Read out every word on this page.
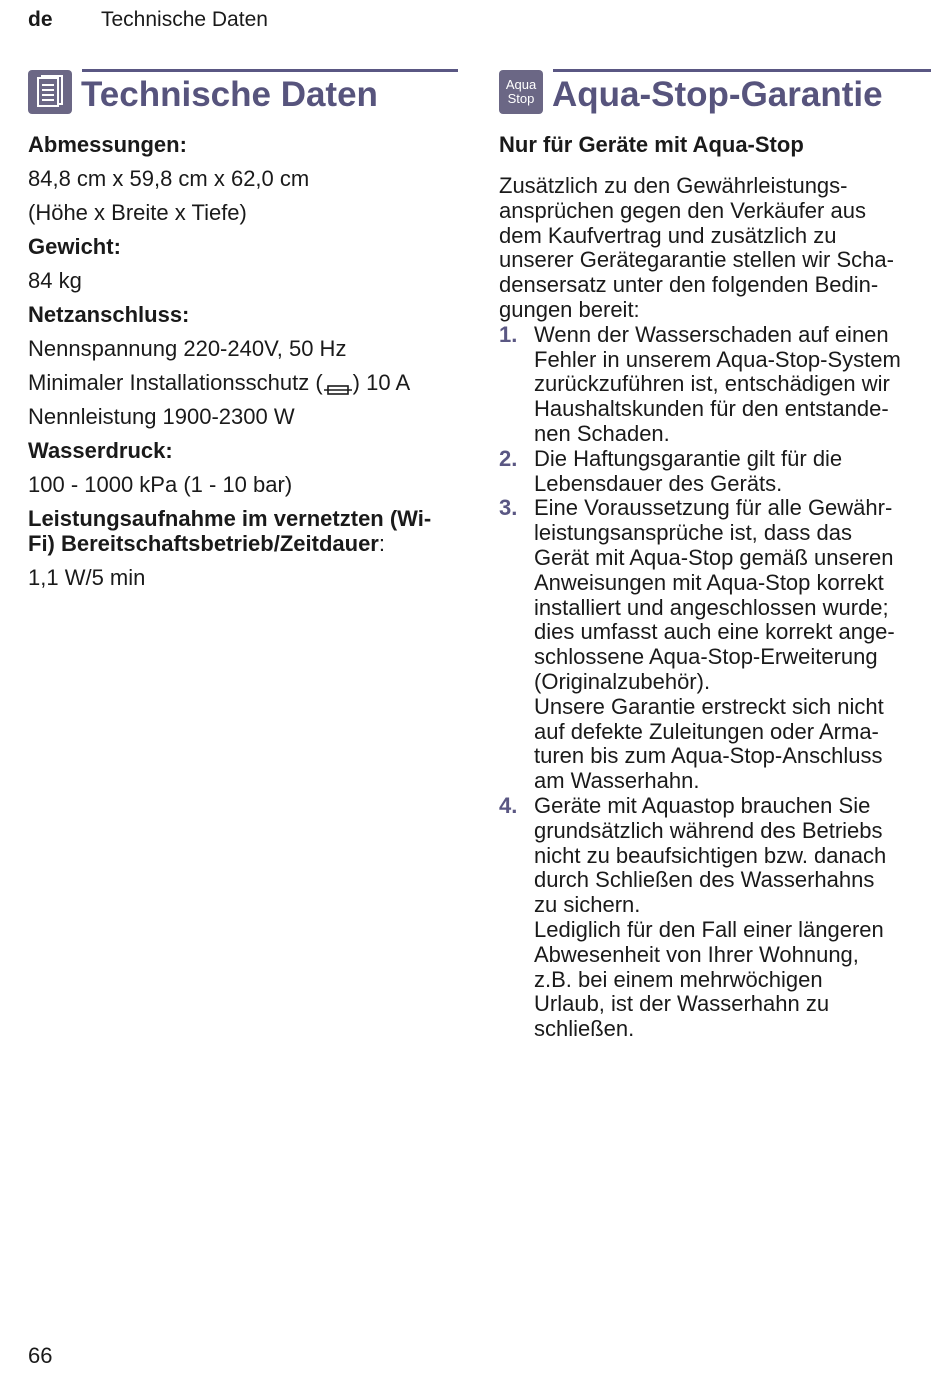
de Technische Daten
Technische Daten
Abmessungen:
84,8 cm x 59,8 cm x 62,0 cm
(Höhe x Breite x Tiefe)
Gewicht:
84 kg
Netzanschluss:
Nennspannung 220-240V, 50 Hz
Minimaler Installationsschutz ( ) 10 A
Nennleistung 1900-2300 W
Wasserdruck:
100 - 1000 kPa (1 - 10 bar)
Leistungsaufnahme im vernetzten (Wi-
Fi) Bereitschaftsbetrieb/Zeitdauer:
1,1 W/5 min
Aqua
Stop Aqua-Stop-Garantie
Nur für Geräte mit Aqua-Stop

Zusätzlich zu den Gewährleistungs-
ansprüchen gegen den Verkäufer aus
dem Kaufvertrag und zusätzlich zu
unserer Gerätegarantie stellen wir Scha-
densersatz unter den folgenden Bedin-
gungen bereit:

1. Wenn der Wasserschaden auf einen
Fehler in unserem Aqua-Stop-System
zurückzuführen ist, entschädigen wir
Haushaltskunden für den entstande-
nen Schaden.

2. Die Haftungsgarantie gilt für die
Lebensdauer des Geräts.

3. Eine Voraussetzung für alle Gewähr-
leistungsansprüche ist, dass das
Gerät mit Aqua-Stop gemäß unseren
Anweisungen mit Aqua-Stop korrekt
installiert und angeschlossen wurde;
dies umfasst auch eine korrekt ange-
schlossene Aqua-Stop-Erweiterung
(Originalzubehör).
Unsere Garantie erstreckt sich nicht
auf defekte Zuleitungen oder Arma-
turen bis zum Aqua-Stop-Anschluss
am Wasserhahn.

4. Geräte mit Aquastop brauchen Sie
grundsätzlich während des Betriebs
nicht zu beaufsichtigen bzw. danach
durch Schließen des Wasserhahns
zu sichern.
Lediglich für den Fall einer längeren
Abwesenheit von Ihrer Wohnung,
z.B. bei einem mehrwöchigen
Urlaub, ist der Wasserhahn zu
schließen.

66
